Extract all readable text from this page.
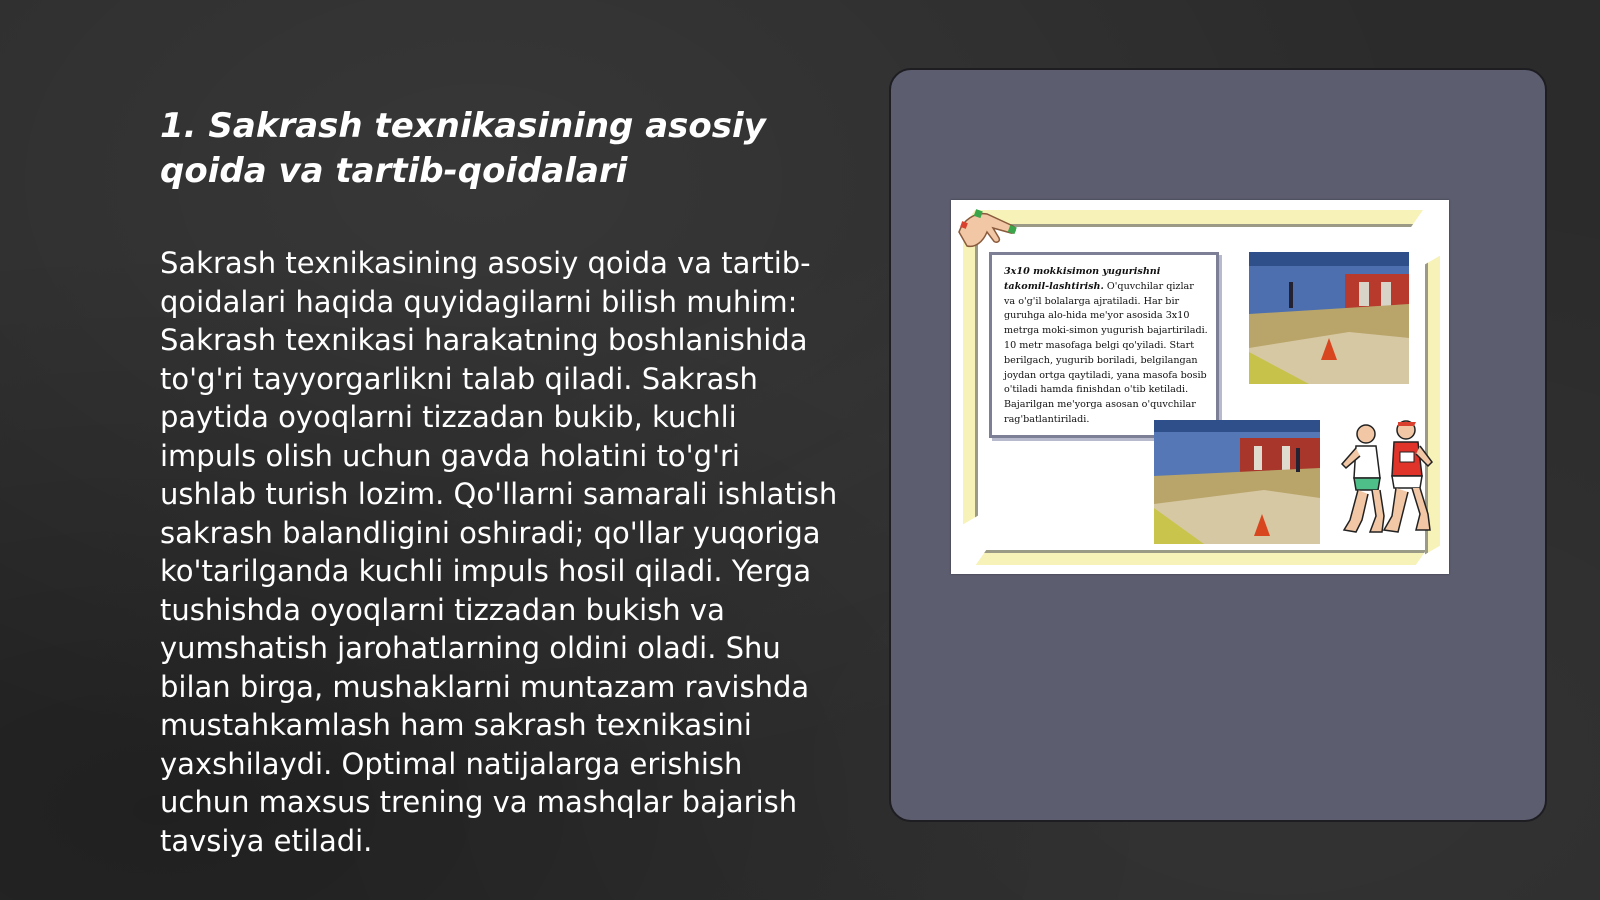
1. Sakrash texnikasining asosiy qoida va tartib-qoidalari

Sakrash texnikasining asosiy qoida va tartib-qoidalari haqida quyidagilarni bilish muhim: Sakrash texnikasi harakatning boshlanishida to'g'ri tayyorgarlikni talab qiladi. Sakrash paytida oyoqlarni tizzadan bukib, kuchli impuls olish uchun gavda holatini to'g'ri ushlab turish lozim. Qo'llarni samarali ishlatish sakrash balandligini oshiradi; qo'llar yuqoriga ko'tarilganda kuchli impuls hosil qiladi. Yerga tushishda oyoqlarni tizzadan bukish va yumshatish jarohatlarning oldini oladi. Shu bilan birga, mushaklarni muntazam ravishda mustahkamlash ham sakrash texnikasini yaxshilaydi. Optimal natijalarga erishish uchun maxsus trening va mashqlar bajarish tavsiya etiladi.

3x10 mokkisimon yugurishni takomil-lashtirish. O'quvchilar qizlar va o'g'il bolalarga ajratiladi. Har bir guruhga alo-hida me'yor asosida 3x10 metrga moki-simon yugurish bajartiriladi. 10 metr masofaga belgi qo'yiladi. Start berilgach, yugurib boriladi, belgilangan joydan ortga qaytiladi, yana masofa bosib o'tiladi hamda finishdan o'tib ketiladi. Bajarilgan me'yorga asosan o'quvchilar rag'batlantiriladi.
